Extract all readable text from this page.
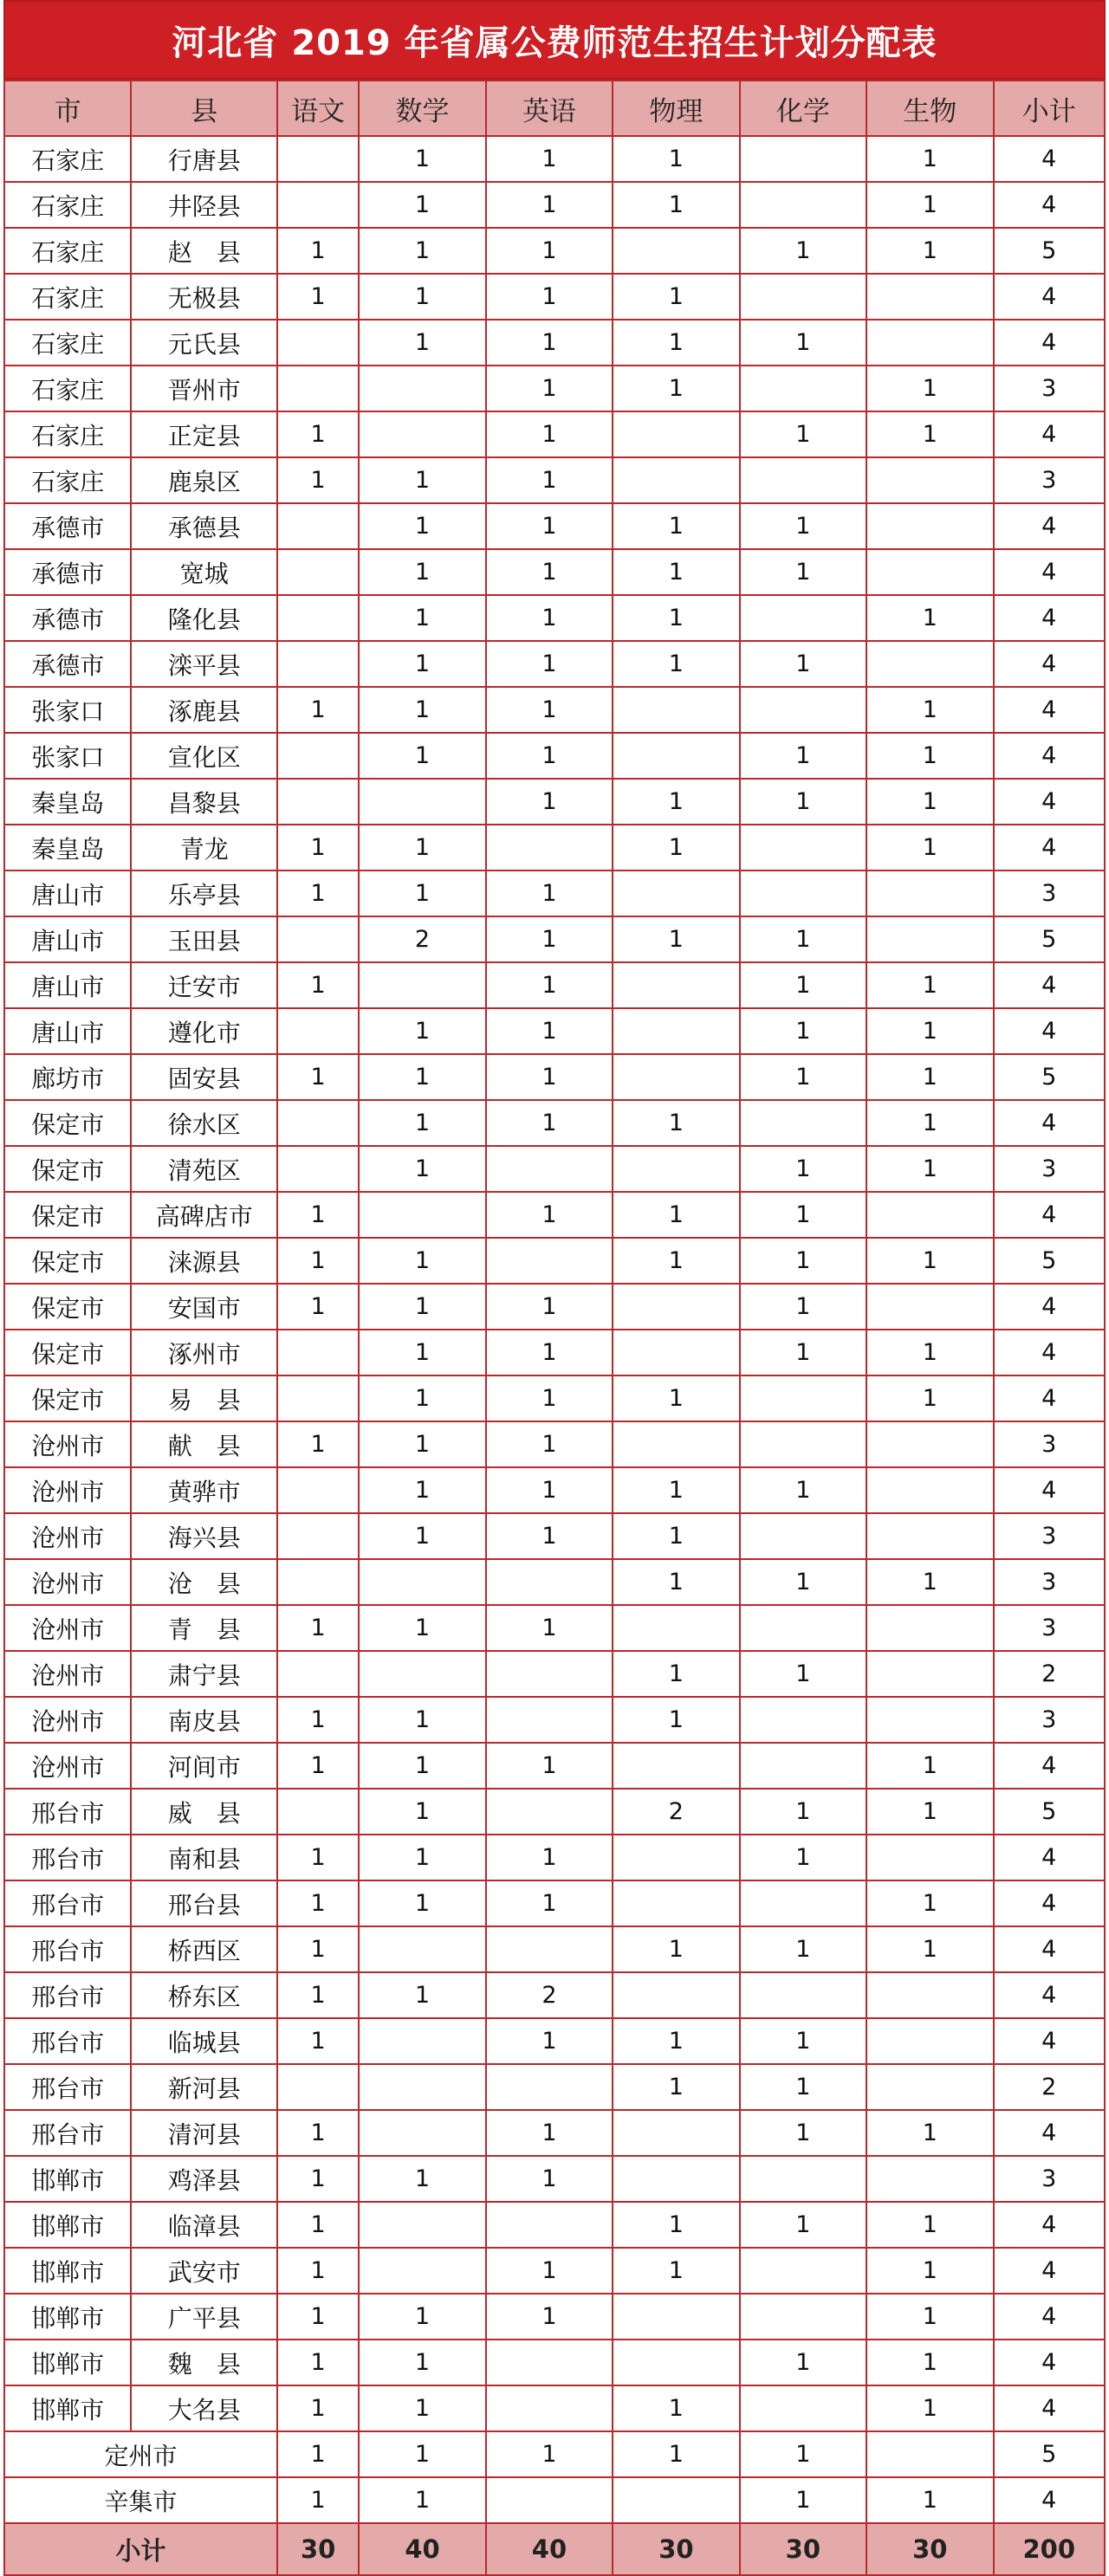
河北省 2019 年省属公费师范生招生计划分配表
市	县	语文	数学	英语	物理	化学	生物	小计
石家庄	行唐县		1	1	1		1	4
石家庄	井陉县		1	1	1		1	4
石家庄	赵　县	1	1	1		1	1	5
石家庄	无极县	1	1	1	1			4
石家庄	元氏县		1	1	1	1		4
石家庄	晋州市			1	1		1	3
石家庄	正定县	1		1		1	1	4
石家庄	鹿泉区	1	1	1				3
承德市	承德县		1	1	1	1		4
承德市	宽城		1	1	1	1		4
承德市	隆化县		1	1	1		1	4
承德市	滦平县		1	1	1	1		4
张家口	涿鹿县	1	1	1			1	4
张家口	宣化区		1	1		1	1	4
秦皇岛	昌黎县			1	1	1	1	4
秦皇岛	青龙	1	1		1		1	4
唐山市	乐亭县	1	1	1				3
唐山市	玉田县		2	1	1	1		5
唐山市	迁安市	1		1		1	1	4
唐山市	遵化市		1	1		1	1	4
廊坊市	固安县	1	1	1		1	1	5
保定市	徐水区		1	1	1		1	4
保定市	清苑区		1			1	1	3
保定市	高碑店市	1		1	1	1		4
保定市	涞源县	1	1		1	1	1	5
保定市	安国市	1	1	1		1		4
保定市	涿州市		1	1		1	1	4
保定市	易　县		1	1	1		1	4
沧州市	献　县	1	1	1				3
沧州市	黄骅市		1	1	1	1		4
沧州市	海兴县		1	1	1			3
沧州市	沧　县				1	1	1	3
沧州市	青　县	1	1	1				3
沧州市	肃宁县				1	1		2
沧州市	南皮县	1	1		1			3
沧州市	河间市	1	1	1			1	4
邢台市	威　县		1		2	1	1	5
邢台市	南和县	1	1	1		1		4
邢台市	邢台县	1	1	1			1	4
邢台市	桥西区	1			1	1	1	4
邢台市	桥东区	1	1	2				4
邢台市	临城县	1		1	1	1		4
邢台市	新河县				1	1		2
邢台市	清河县	1		1		1	1	4
邯郸市	鸡泽县	1	1	1				3
邯郸市	临漳县	1			1	1	1	4
邯郸市	武安市	1		1	1		1	4
邯郸市	广平县	1	1	1			1	4
邯郸市	魏　县	1	1			1	1	4
邯郸市	大名县	1	1		1		1	4
定州市		1	1	1	1	1		5
辛集市		1	1			1	1	4
小计		30	40	40	30	30	30	200
